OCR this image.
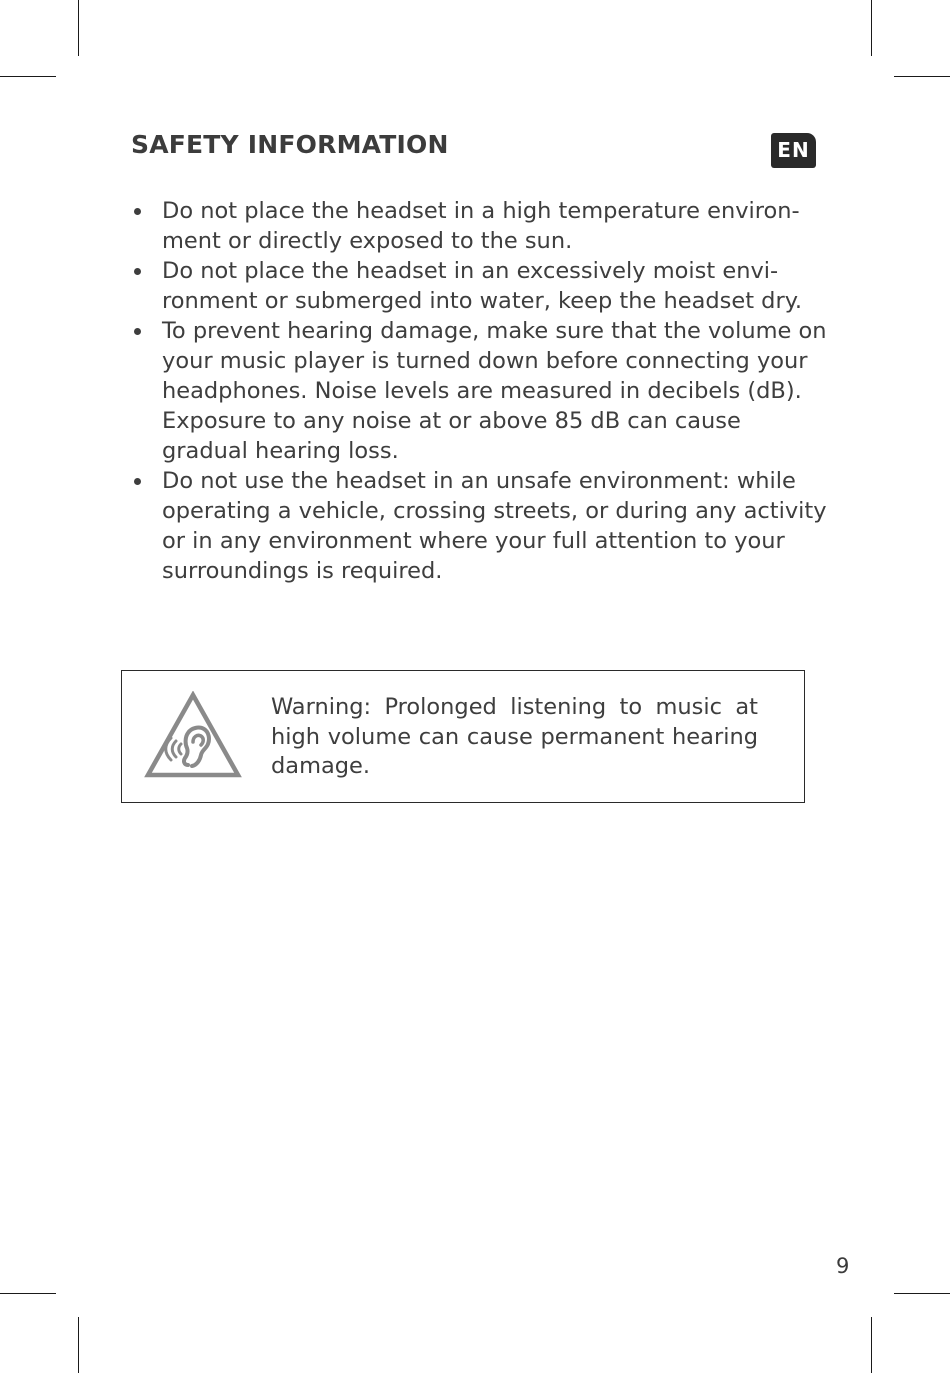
SAFETY INFORMATION	EN
Do not place the headset in a high temperature environ-ment or directly exposed to the sun.
Do not place the headset in an excessively moist envi-ronment or submerged into water, keep the headset dry.
To prevent hearing damage, make sure that the volume on your music player is turned down before connecting your headphones. Noise levels are measured in decibels (dB). Exposure to any noise at or above 85 dB can cause gradual hearing loss.
Do not use the headset in an unsafe environment: while operating a vehicle, crossing streets, or during any activity or in any environment where your full attention to your surroundings is required.
Warning: Prolonged listening to music at high volume can cause permanent hearing damage.
9
